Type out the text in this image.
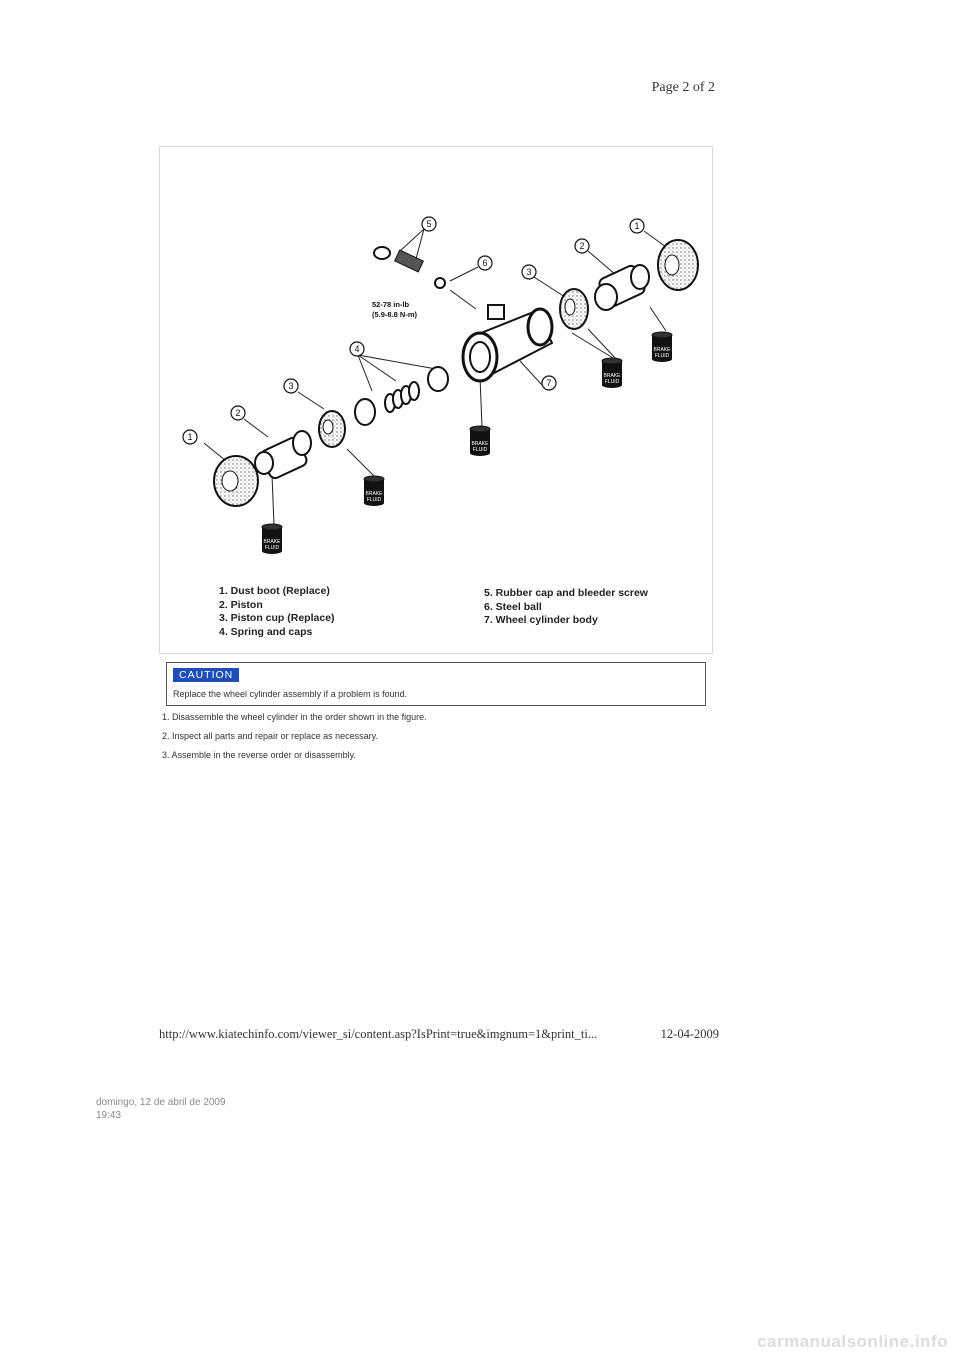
Page 2 of 2
BRAKE
FLUID
BRAKE
FLUID
BRAKE
FLUID
BRAKE
FLUID
BRAKE
FLUID
52-78 in-lb
(5.9-8.8 N-m)
1
2
3
4
5
6
7
3
2
1
1. Dust boot (Replace)
2. Piston
3. Piston cup (Replace)
4. Spring and caps
5. Rubber cap and bleeder screw
6. Steel ball
7. Wheel cylinder body
CAUTION
Replace the wheel cylinder assembly if a problem is found.
1. Disassemble the wheel cylinder in the order shown in the figure.
2. Inspect all parts and repair or replace as necessary.
3. Assemble in the reverse order or disassembly.
http://www.kiatechinfo.com/viewer_si/content.asp?IsPrint=true&imgnum=1&print_ti...	12-04-2009
domingo, 12 de abril de 2009
19:43
carmanualsonline.info
